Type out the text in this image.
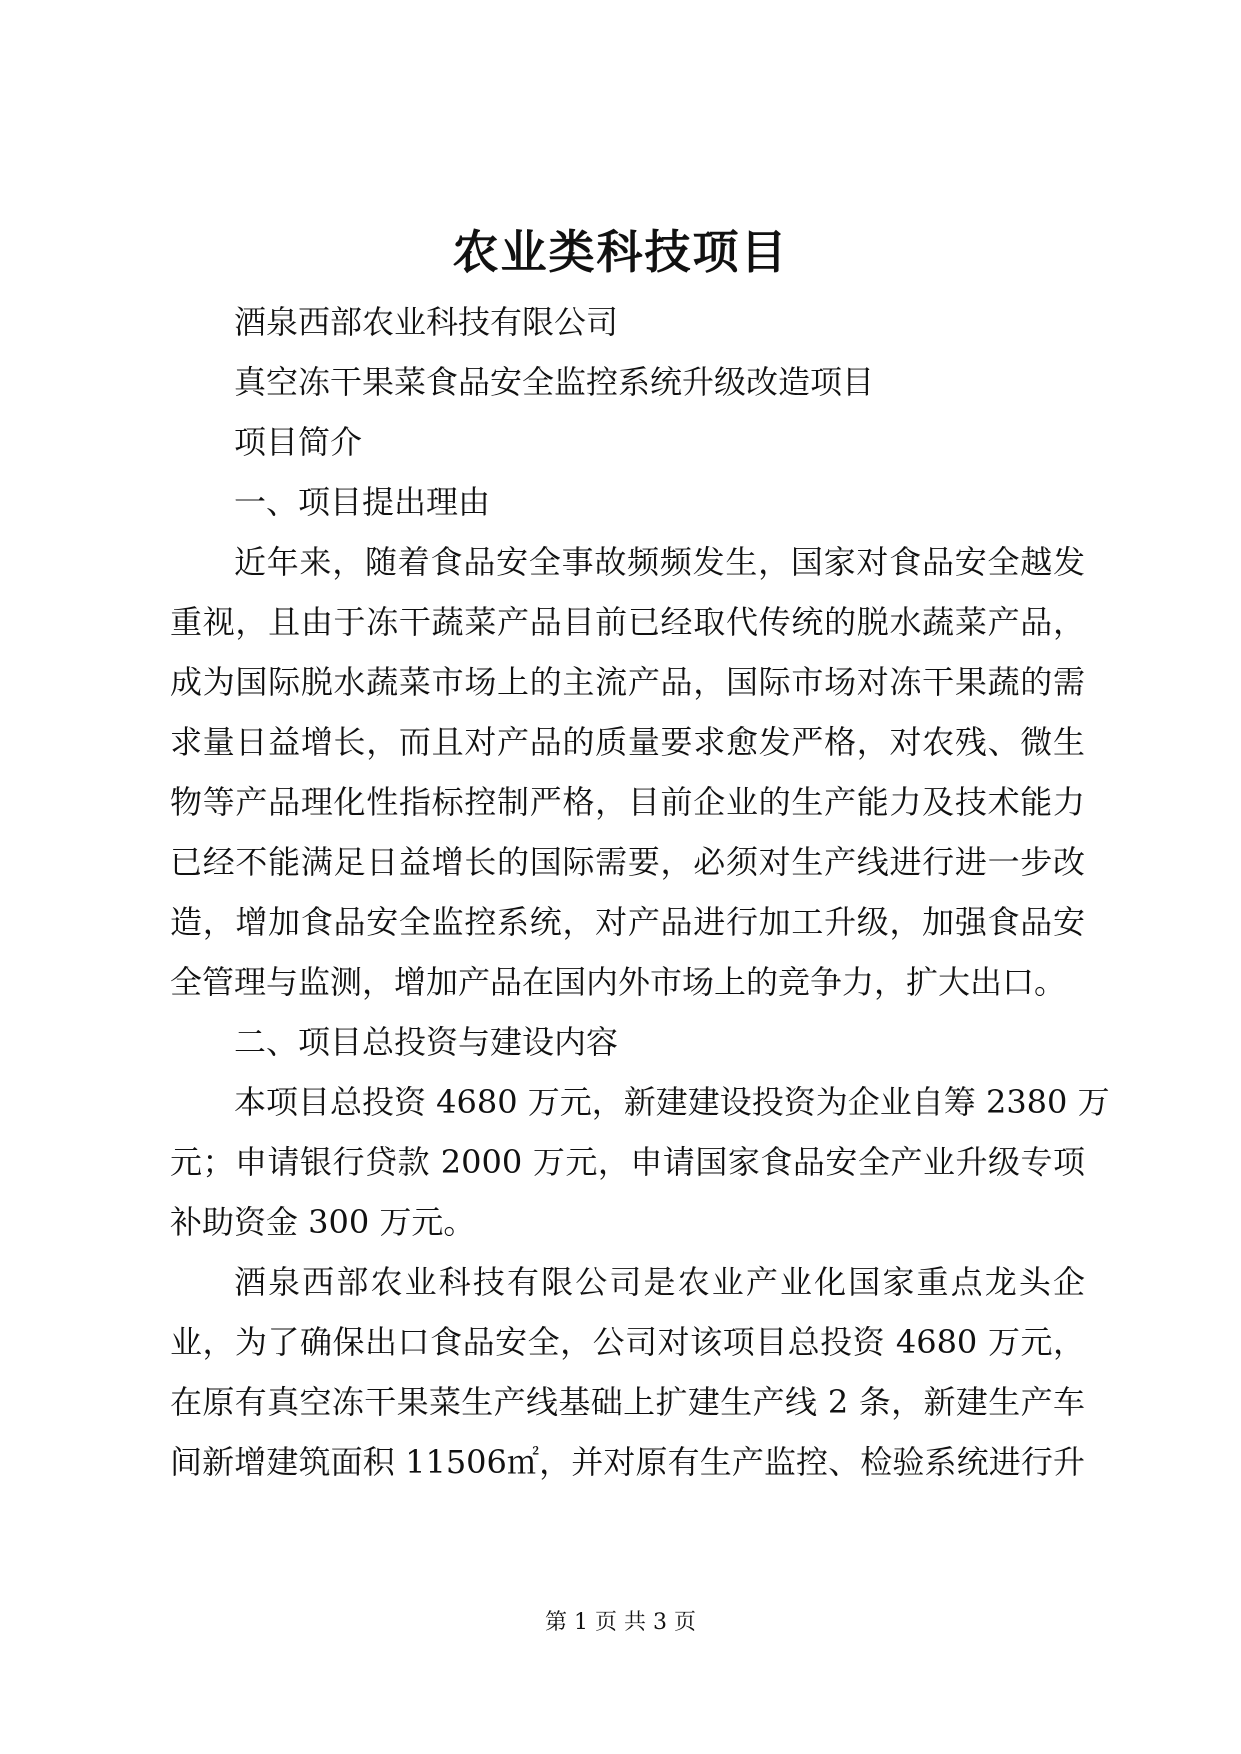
农业类科技项目
酒泉西部农业科技有限公司
真空冻干果菜食品安全监控系统升级改造项目
项目简介
一、项目提出理由
近年来，随着食品安全事故频频发生，国家对食品安全越发
重视，且由于冻干蔬菜产品目前已经取代传统的脱水蔬菜产品，
成为国际脱水蔬菜市场上的主流产品，国际市场对冻干果蔬的需
求量日益增长，而且对产品的质量要求愈发严格，对农残、微生
物等产品理化性指标控制严格，目前企业的生产能力及技术能力
已经不能满足日益增长的国际需要，必须对生产线进行进一步改
造，增加食品安全监控系统，对产品进行加工升级，加强食品安
全管理与监测，增加产品在国内外市场上的竞争力，扩大出口。
二、项目总投资与建设内容
本项目总投资 4680 万元，新建建设投资为企业自筹 2380 万
元；申请银行贷款 2000 万元，申请国家食品安全产业升级专项
补助资金 300 万元。
酒泉西部农业科技有限公司是农业产业化国家重点龙头企
业，为了确保出口食品安全，公司对该项目总投资 4680 万元，
在原有真空冻干果菜生产线基础上扩建生产线 2 条，新建生产车
间新增建筑面积 11506㎡，并对原有生产监控、检验系统进行升
第 1 页 共 3 页
